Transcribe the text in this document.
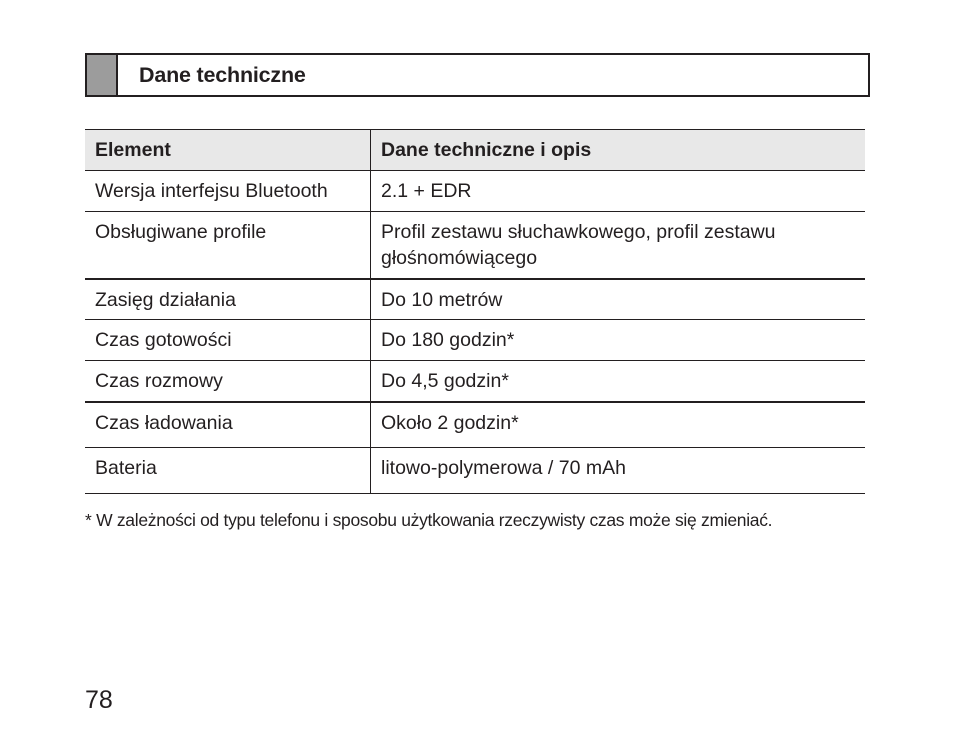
Dane techniczne
Element	Dane techniczne i opis
Wersja interfejsu Bluetooth	2.1 + EDR
Obsługiwane profile	Profil zestawu słuchawkowego, profil zestawu głośnomówiącego
Zasięg działania	Do 10 metrów
Czas gotowości	Do 180 godzin*
Czas rozmowy	Do 4,5 godzin*
Czas ładowania	Około 2 godzin*
Bateria	litowo-polymerowa / 70 mAh
* W zależności od typu telefonu i sposobu użytkowania rzeczywisty czas może się zmieniać.
78
